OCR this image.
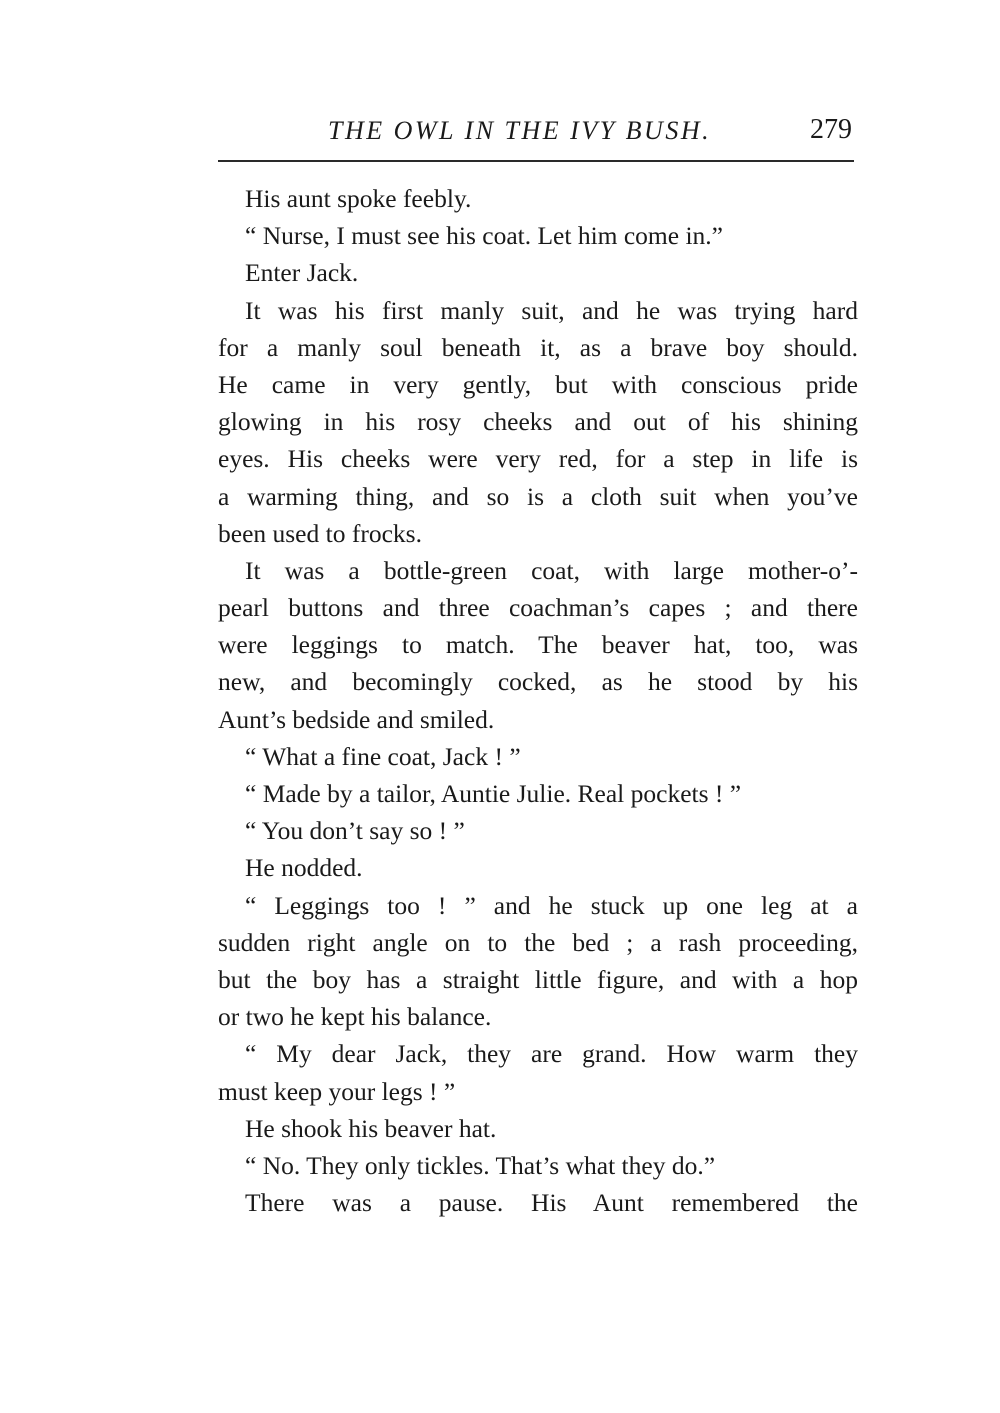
THE OWL IN THE IVY BUSH.	279
His aunt spoke feebly.
“ Nurse, I must see his coat. Let him come in.”
Enter Jack.
It was his first manly suit, and he was trying hard
for a manly soul beneath it, as a brave boy should.
He came in very gently, but with conscious pride
glowing in his rosy cheeks and out of his shining
eyes. His cheeks were very red, for a step in life is
a warming thing, and so is a cloth suit when you’ve
been used to frocks.
It was a bottle-green coat, with large mother-o’-
pearl buttons and three coachman’s capes ; and there
were leggings to match. The beaver hat, too, was
new, and becomingly cocked, as he stood by his
Aunt’s bedside and smiled.
“ What a fine coat, Jack ! ”
“ Made by a tailor, Auntie Julie. Real pockets ! ”
“ You don’t say so ! ”
He nodded.
“ Leggings too ! ” and he stuck up one leg at a
sudden right angle on to the bed ; a rash proceeding,
but the boy has a straight little figure, and with a hop
or two he kept his balance.
“ My dear Jack, they are grand. How warm they
must keep your legs ! ”
He shook his beaver hat.
“ No. They only tickles. That’s what they do.”
There was a pause. His Aunt remembered the
